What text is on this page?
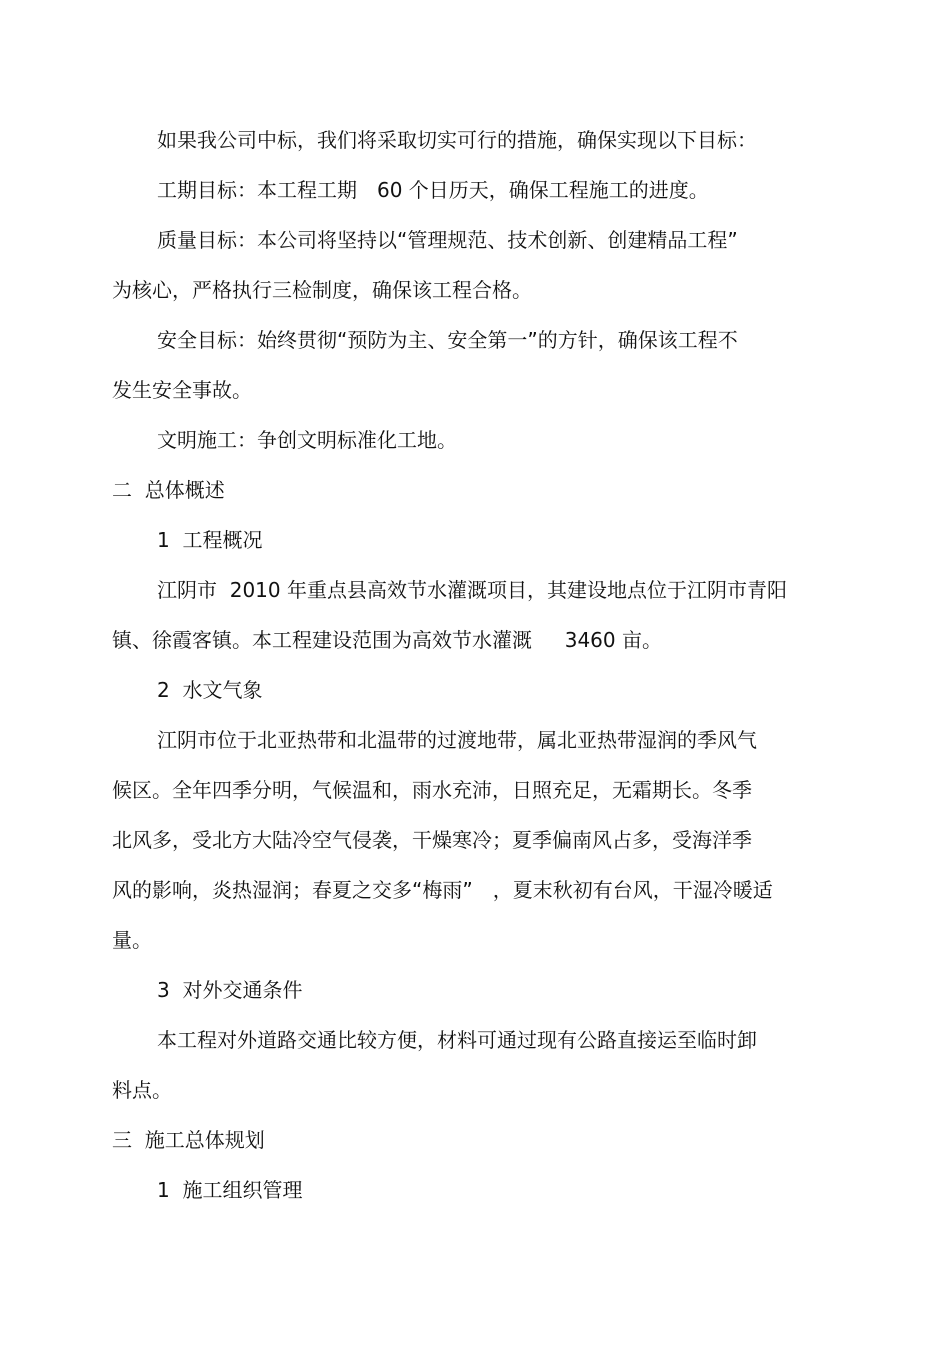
如果我公司中标，我们将采取切实可行的措施，确保实现以下目标：
工期目标：本工程工期　60 个日历天，确保工程施工的进度。
质量目标：本公司将坚持以“管理规范、技术创新、创建精品工程”
为核心，严格执行三检制度，确保该工程合格。
安全目标：始终贯彻“预防为主、安全第一”的方针，确保该工程不
发生安全事故。
文明施工：争创文明标准化工地。
二  总体概述
1  工程概况
江阴市  2010 年重点县高效节水灌溉项目，其建设地点位于江阴市青阳
镇、徐霞客镇。本工程建设范围为高效节水灌溉　  3460 亩。
2  水文气象
江阴市位于北亚热带和北温带的过渡地带，属北亚热带湿润的季风气
候区。全年四季分明，气候温和，雨水充沛，日照充足，无霜期长。冬季
北风多，受北方大陆冷空气侵袭，干燥寒冷；夏季偏南风占多，受海洋季
风的影响，炎热湿润；春夏之交多“梅雨”　，夏末秋初有台风，干湿冷暖适
量。
3  对外交通条件
本工程对外道路交通比较方便，材料可通过现有公路直接运至临时卸
料点。
三  施工总体规划
1  施工组织管理
